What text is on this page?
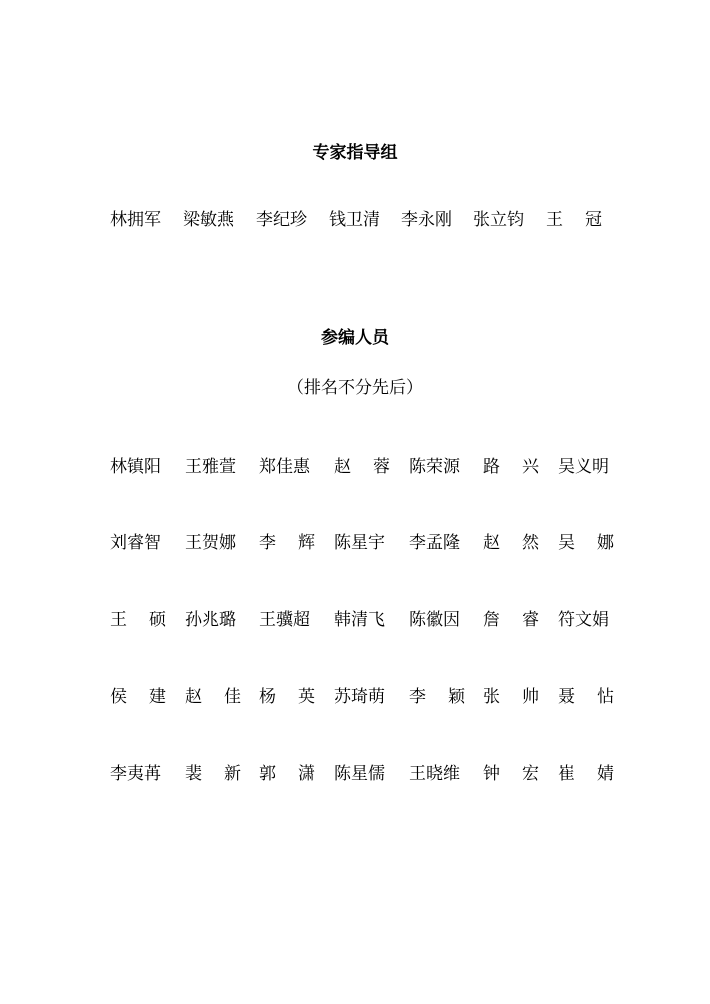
专家指导组
林拥军 梁敏燕 李纪珍 钱卫清 李永刚 张立钧 王 冠
参编人员
（排名不分先后）
林镇阳 王雅萱 郑佳惠 赵 蓉 陈荣源 路 兴 吴义明
刘睿智 王贺娜 李 辉 陈星宇 李孟隆 赵 然 吴 娜
王 硕 孙兆璐 王骥超 韩清飞 陈徽因 詹 睿 符文娟
侯 建 赵 佳 杨 英 苏琦萌 李 颖 张 帅 聂 怗
李夷苒 裴 新 郭 潇 陈星儒 王晓维 钟 宏 崔 婧
